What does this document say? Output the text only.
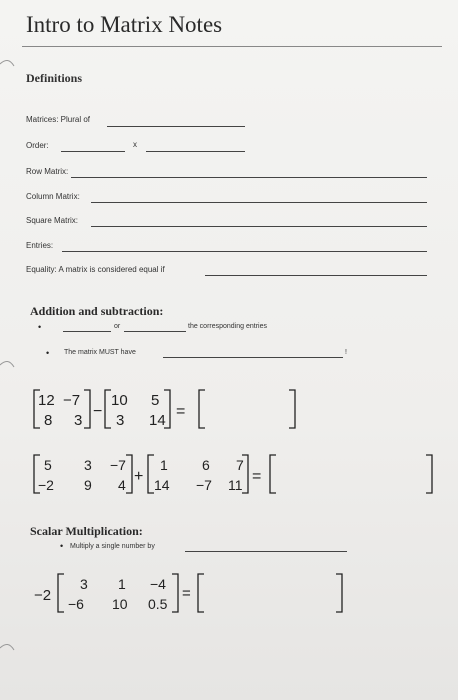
Intro to Matrix Notes
Definitions
Matrices: Plural of
Order:	x
Row Matrix:
Column Matrix:
Square Matrix:
Entries:
Equality: A matrix is considered equal if
Addition and subtraction:
•	or	the corresponding entries
• The matrix MUST have	!
Scalar Multiplication:
• Multiply a single number by
12 −7
8 3
−
10 5
3 14
=
5 3 −7
−2 9 4 +
1 6 7
14 −7 11 =
−2
3 1 −4
−6 10 0.5
=
